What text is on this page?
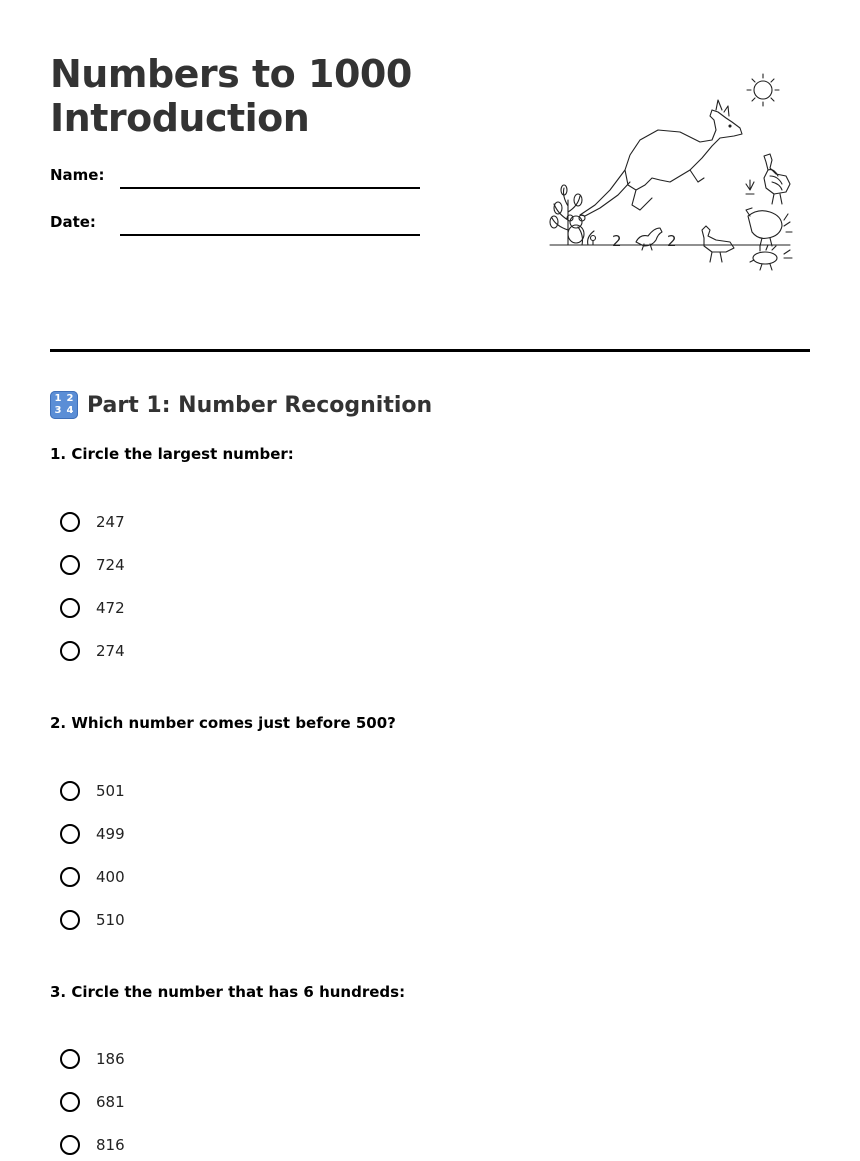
Numbers to 1000
Introduction
Name:
Date:
2	2
1 2
3 4 Part 1: Number Recognition
1. Circle the largest number:
247
724
472
274
2. Which number comes just before 500?
501
499
400
510
3. Circle the number that has 6 hundreds:
186
681
816
